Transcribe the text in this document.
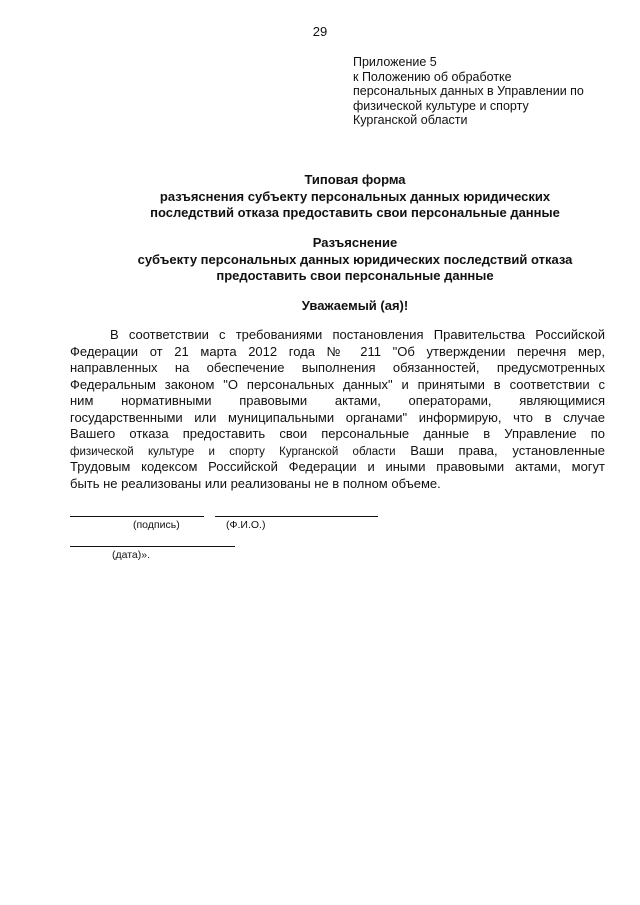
29
Приложение 5
к Положению об обработке
персональных данных в Управлении по
физической культуре и спорту
Курганской области
Типовая форма
разъяснения субъекту персональных данных юридических
последствий отказа предоставить свои персональные данные
Разъяснение
субъекту персональных данных юридических последствий отказа
предоставить свои персональные данные
Уважаемый (ая)!
В соответствии с требованиями постановления Правительства Российской
Федерации от 21 марта 2012 года № 211 "Об утверждении перечня мер,
направленных на обеспечение выполнения обязанностей, предусмотренных
Федеральным законом "О персональных данных" и принятыми в соответствии с
ним нормативными правовыми актами, операторами, являющимися
государственными или муниципальными органами" информирую, что в случае
Вашего отказа предоставить свои персональные данные в Управление по
физической культуре и спорту Курганской области Ваши права, установленные
Трудовым кодексом Российской Федерации и иными правовыми актами, могут
быть не реализованы или реализованы не в полном объеме.
(подпись)	(Ф.И.О.)
(дата)».
